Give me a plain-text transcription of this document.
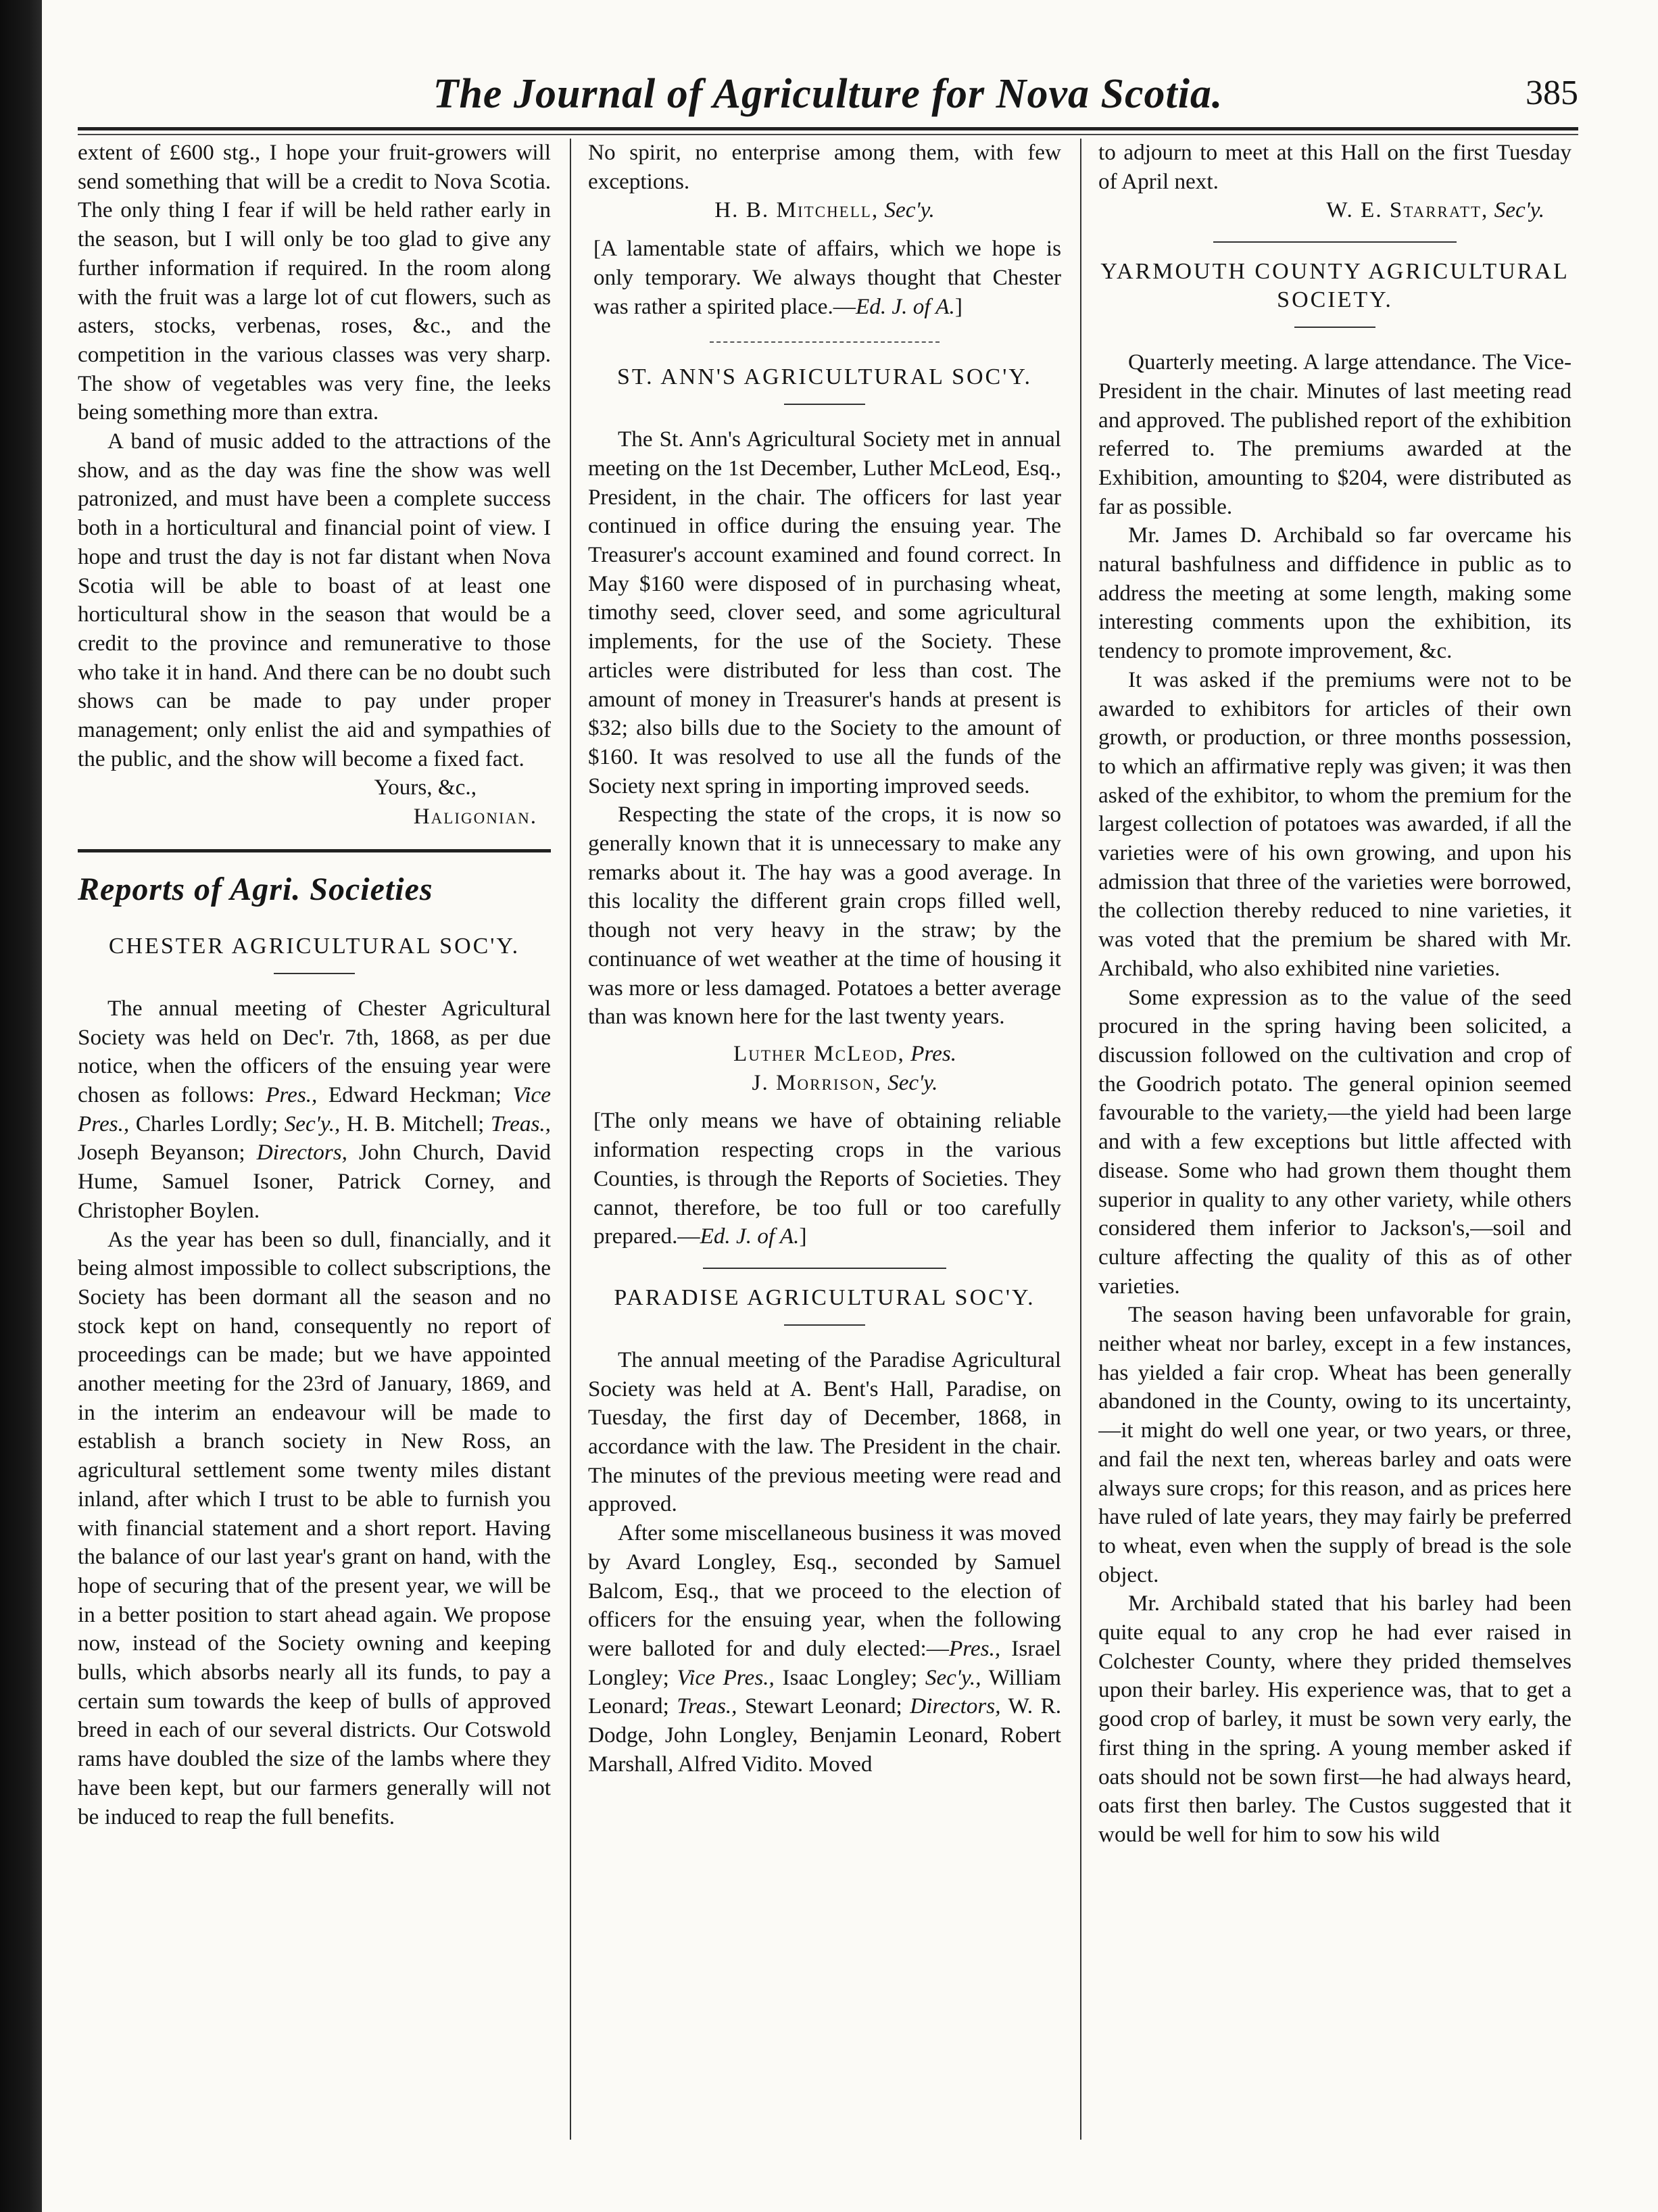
The Journal of Agriculture for Nova Scotia.	385

extent of £600 stg., I hope your fruit-growers will send something that will be a credit to Nova Scotia. The only thing I fear if will be held rather early in the season, but I will only be too glad to give any further information if required. In the room along with the fruit was a large lot of cut flowers, such as asters, stocks, verbenas, roses, &c., and the competition in the various classes was very sharp. The show of vegetables was very fine, the leeks being something more than extra.

A band of music added to the attractions of the show, and as the day was fine the show was well patronized, and must have been a complete success both in a horticultural and financial point of view. I hope and trust the day is not far distant when Nova Scotia will be able to boast of at least one horticultural show in the season that would be a credit to the province and remunerative to those who take it in hand. And there can be no doubt such shows can be made to pay under proper management; only enlist the aid and sympathies of the public, and the show will become a fixed fact.

Yours, &c.,

Haligonian.

Reports of Agri. Societies
CHESTER AGRICULTURAL SOC'Y.

The annual meeting of Chester Agricultural Society was held on Dec'r. 7th, 1868, as per due notice, when the officers of the ensuing year were chosen as follows: Pres., Edward Heckman; Vice Pres., Charles Lordly; Sec'y., H. B. Mitchell; Treas., Joseph Beyanson; Directors, John Church, David Hume, Samuel Isoner, Patrick Corney, and Christopher Boylen.

As the year has been so dull, financially, and it being almost impossible to collect subscriptions, the Society has been dormant all the season and no stock kept on hand, consequently no report of proceedings can be made; but we have appointed another meeting for the 23rd of January, 1869, and in the interim an endeavour will be made to establish a branch society in New Ross, an agricultural settlement some twenty miles distant inland, after which I trust to be able to furnish you with financial statement and a short report. Having the balance of our last year's grant on hand, with the hope of securing that of the present year, we will be in a better position to start ahead again. We propose now, instead of the Society owning and keeping bulls, which absorbs nearly all its funds, to pay a certain sum towards the keep of bulls of approved breed in each of our several districts. Our Cotswold rams have doubled the size of the lambs where they have been kept, but our farmers generally will not be induced to reap the full benefits.

No spirit, no enterprise among them, with few exceptions.

H. B. Mitchell, Sec'y.

[A lamentable state of affairs, which we hope is only temporary. We always thought that Chester was rather a spirited place.—Ed. J. of A.]

ST. ANN'S AGRICULTURAL SOC'Y.

The St. Ann's Agricultural Society met in annual meeting on the 1st December, Luther McLeod, Esq., President, in the chair. The officers for last year continued in office during the ensuing year. The Treasurer's account examined and found correct. In May $160 were disposed of in purchasing wheat, timothy seed, clover seed, and some agricultural implements, for the use of the Society. These articles were distributed for less than cost. The amount of money in Treasurer's hands at present is $32; also bills due to the Society to the amount of $160. It was resolved to use all the funds of the Society next spring in importing improved seeds.

Respecting the state of the crops, it is now so generally known that it is unnecessary to make any remarks about it. The hay was a good average. In this locality the different grain crops filled well, though not very heavy in the straw; by the continuance of wet weather at the time of housing it was more or less damaged. Potatoes a better average than was known here for the last twenty years.

Luther McLeod, Pres.

J. Morrison, Sec'y.

[The only means we have of obtaining reliable information respecting crops in the various Counties, is through the Reports of Societies. They cannot, therefore, be too full or too carefully prepared.—Ed. J. of A.]

PARADISE AGRICULTURAL SOC'Y.

The annual meeting of the Paradise Agricultural Society was held at A. Bent's Hall, Paradise, on Tuesday, the first day of December, 1868, in accordance with the law. The President in the chair. The minutes of the previous meeting were read and approved.

After some miscellaneous business it was moved by Avard Longley, Esq., seconded by Samuel Balcom, Esq., that we proceed to the election of officers for the ensuing year, when the following were balloted for and duly elected:—Pres., Israel Longley; Vice Pres., Isaac Longley; Sec'y., William Leonard; Treas., Stewart Leonard; Directors, W. R. Dodge, John Longley, Benjamin Leonard, Robert Marshall, Alfred Vidito. Moved

to adjourn to meet at this Hall on the first Tuesday of April next.

W. E. Starratt, Sec'y.

YARMOUTH COUNTY AGRICULTURAL SOCIETY.

Quarterly meeting. A large attendance. The Vice-President in the chair. Minutes of last meeting read and approved. The published report of the exhibition referred to. The premiums awarded at the Exhibition, amounting to $204, were distributed as far as possible.

Mr. James D. Archibald so far overcame his natural bashfulness and diffidence in public as to address the meeting at some length, making some interesting comments upon the exhibition, its tendency to promote improvement, &c.

It was asked if the premiums were not to be awarded to exhibitors for articles of their own growth, or production, or three months possession, to which an affirmative reply was given; it was then asked of the exhibitor, to whom the premium for the largest collection of potatoes was awarded, if all the varieties were of his own growing, and upon his admission that three of the varieties were borrowed, the collection thereby reduced to nine varieties, it was voted that the premium be shared with Mr. Archibald, who also exhibited nine varieties.

Some expression as to the value of the seed procured in the spring having been solicited, a discussion followed on the cultivation and crop of the Goodrich potato. The general opinion seemed favourable to the variety,—the yield had been large and with a few exceptions but little affected with disease. Some who had grown them thought them superior in quality to any other variety, while others considered them inferior to Jackson's,—soil and culture affecting the quality of this as of other varieties.

The season having been unfavorable for grain, neither wheat nor barley, except in a few instances, has yielded a fair crop. Wheat has been generally abandoned in the County, owing to its uncertainty,—it might do well one year, or two years, or three, and fail the next ten, whereas barley and oats were always sure crops; for this reason, and as prices here have ruled of late years, they may fairly be preferred to wheat, even when the supply of bread is the sole object.

Mr. Archibald stated that his barley had been quite equal to any crop he had ever raised in Colchester County, where they prided themselves upon their barley. His experience was, that to get a good crop of barley, it must be sown very early, the first thing in the spring. A young member asked if oats should not be sown first—he had always heard, oats first then barley. The Custos suggested that it would be well for him to sow his wild
